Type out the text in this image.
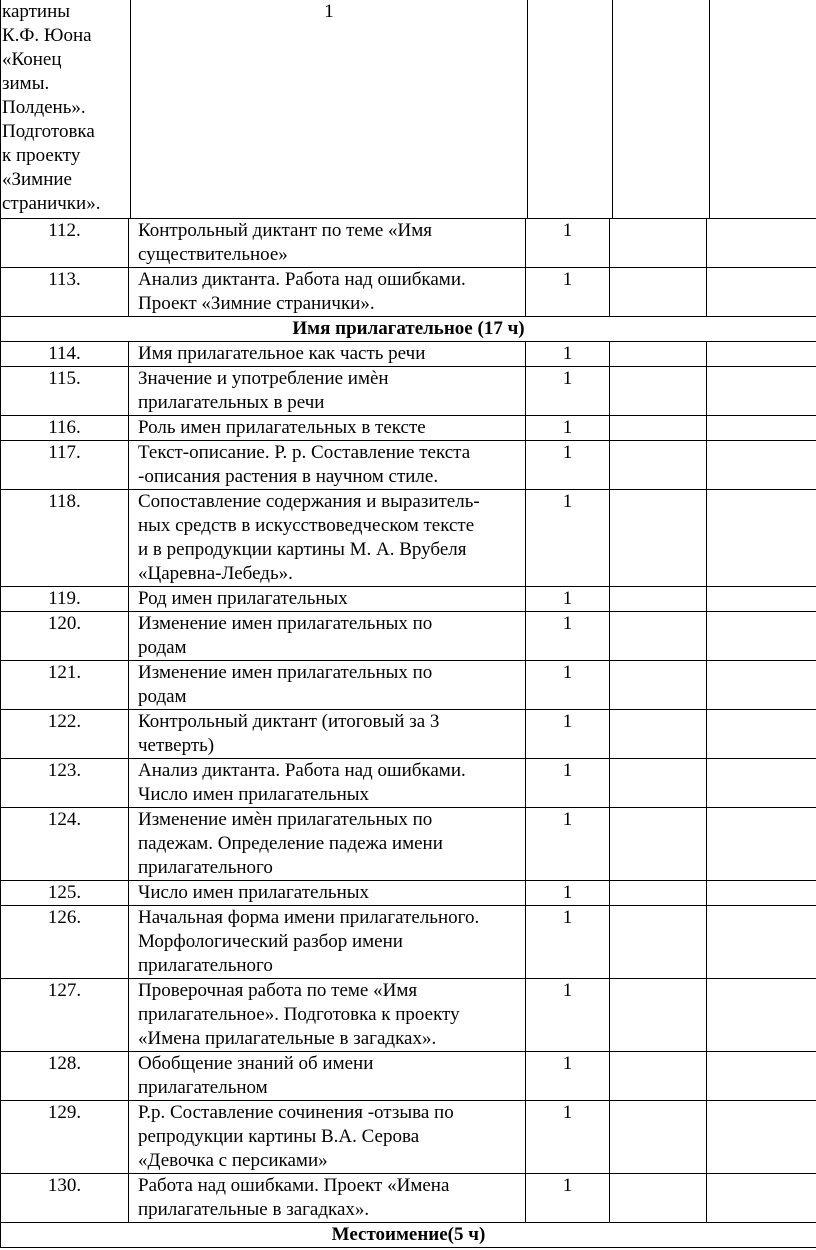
картины
К.Ф. Юона
«Конец
зимы.
Полдень».
Подготовка
к проекту
«Зимние
странички».
	1		
112.	Контрольный диктант по теме «Имя
существительное»	1		
113.	Анализ диктанта. Работа над ошибками.
Проект «Зимние странички».	1		
Имя прилагательное (17 ч)				
114.	Имя прилагательное как часть речи	1		
115.	Значение и употребление имѐн
прилагательных в речи	1		
116.	Роль имен прилагательных в тексте	1		
117.	Текст-описание. Р. р. Составление текста
-описания растения в научном стиле.	1		
118.	Сопоставление содержания и выразитель-
ных средств в искусствоведческом тексте
и в репродукции картины М. А. Врубеля
«Царевна-Лебедь».	1		
119.	Род имен прилагательных	1		
120.	Изменение имен прилагательных по
родам	1		
121.	Изменение имен прилагательных по
родам	1		
122.	Контрольный диктант (итоговый за 3
четверть)	1		
123.	Анализ диктанта. Работа над ошибками.
Число имен прилагательных	1		
124.	Изменение имѐн прилагательных по
падежам. Определение падежа имени
прилагательного	1		
125.	Число имен прилагательных	1		
126.	Начальная форма имени прилагательного.
Морфологический разбор имени
прилагательного	1		
127.	Проверочная работа по теме «Имя
прилагательное». Подготовка к проекту
«Имена прилагательные в загадках».	1		
128.	Обобщение знаний об имени
прилагательном	1		
129.	Р.р. Составление сочинения -отзыва по
репродукции картины В.А. Серова
«Девочка с персиками»	1		
130.	Работа над ошибками. Проект «Имена
прилагательные в загадках».	1		
Местоимение(5 ч)				
